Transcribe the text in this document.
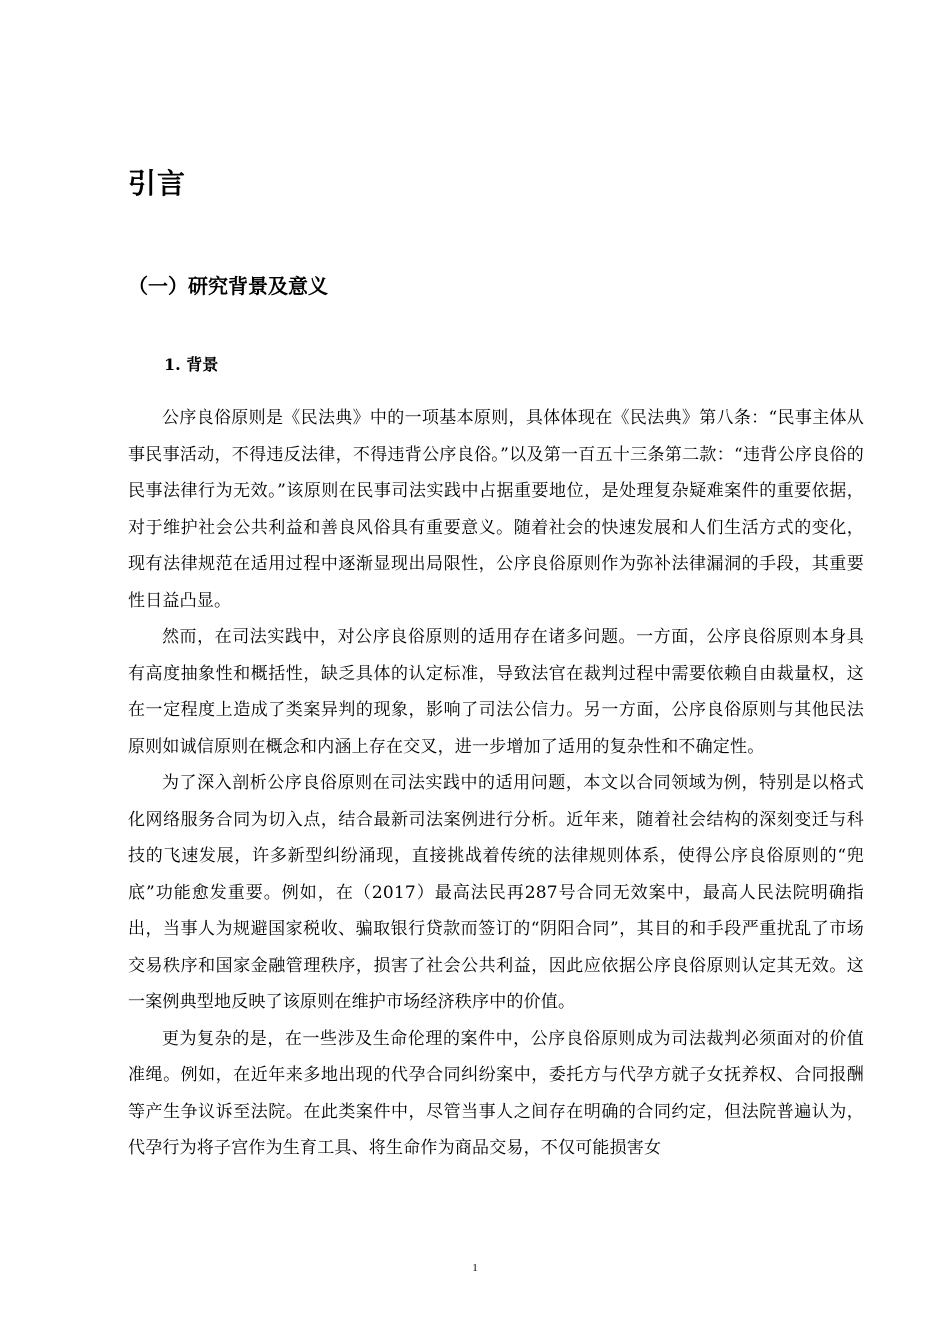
引言
（一）研究背景及意义
1. 背景

公序良俗原则是《民法典》中的一项基本原则，具体体现在《民法典》第八条：“民事主体从事民事活动，不得违反法律，不得违背公序良俗。”以及第一百五十三条第二款：“违背公序良俗的民事法律行为无效。”该原则在民事司法实践中占据重要地位，是处理复杂疑难案件的重要依据，对于维护社会公共利益和善良风俗具有重要意义。随着社会的快速发展和人们生活方式的变化，现有法律规范在适用过程中逐渐显现出局限性，公序良俗原则作为弥补法律漏洞的手段，其重要性日益凸显。

然而，在司法实践中，对公序良俗原则的适用存在诸多问题。一方面，公序良俗原则本身具有高度抽象性和概括性，缺乏具体的认定标准，导致法官在裁判过程中需要依赖自由裁量权，这在一定程度上造成了类案异判的现象，影响了司法公信力。另一方面，公序良俗原则与其他民法原则如诚信原则在概念和内涵上存在交叉，进一步增加了适用的复杂性和不确定性。

为了深入剖析公序良俗原则在司法实践中的适用问题，本文以合同领域为例，特别是以格式化网络服务合同为切入点，结合最新司法案例进行分析。近年来，随着社会结构的深刻变迁与科技的飞速发展，许多新型纠纷涌现，直接挑战着传统的法律规则体系，使得公序良俗原则的“兜底”功能愈发重要。例如，在（2017）最高法民再287号合同无效案中，最高人民法院明确指出，当事人为规避国家税收、骗取银行贷款而签订的“阴阳合同”，其目的和手段严重扰乱了市场交易秩序和国家金融管理秩序，损害了社会公共利益，因此应依据公序良俗原则认定其无效。这一案例典型地反映了该原则在维护市场经济秩序中的价值。

更为复杂的是，在一些涉及生命伦理的案件中，公序良俗原则成为司法裁判必须面对的价值准绳。例如，在近年来多地出现的代孕合同纠纷案中，委托方与代孕方就子女抚养权、合同报酬等产生争议诉至法院。在此类案件中，尽管当事人之间存在明确的合同约定，但法院普遍认为，代孕行为将子宫作为生育工具、将生命作为商品交易，不仅可能损害女

1
